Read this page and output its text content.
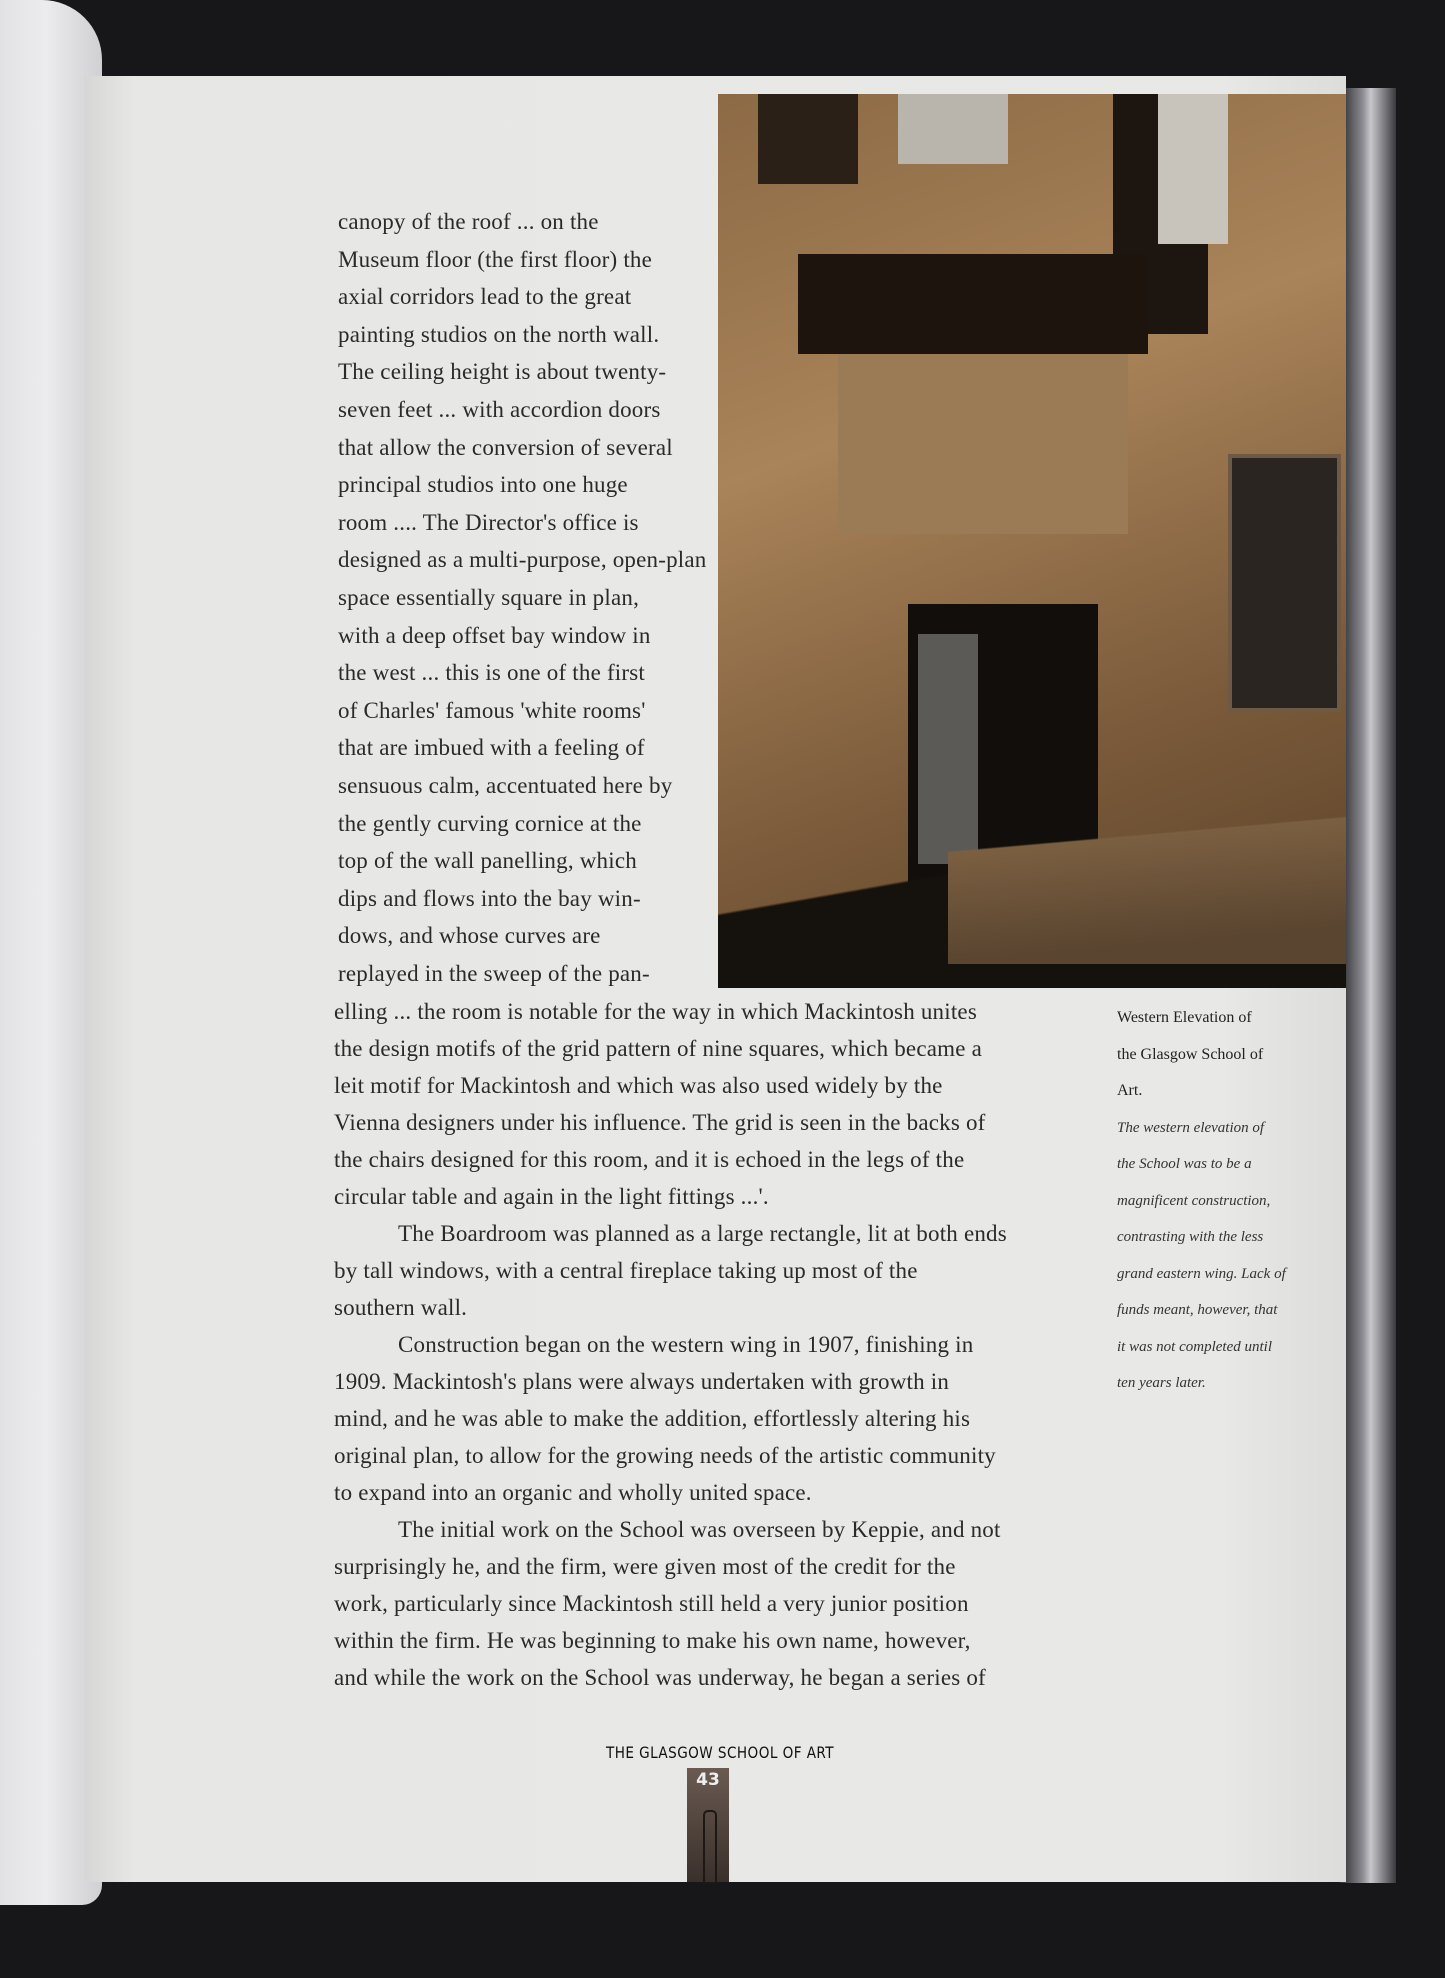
canopy of the roof ... on the
Museum floor (the first floor) the
axial corridors lead to the great
painting studios on the north wall.
The ceiling height is about twenty-
seven feet ... with accordion doors
that allow the conversion of several
principal studios into one huge
room .... The Director's office is
designed as a multi-purpose, open-plan
space essentially square in plan,
with a deep offset bay window in
the west ... this is one of the first
of Charles' famous 'white rooms'
that are imbued with a feeling of
sensuous calm, accentuated here by
the gently curving cornice at the
top of the wall panelling, which
dips and flows into the bay win-
dows, and whose curves are
replayed in the sweep of the pan-
elling ... the room is notable for the way in which Mackintosh unites
the design motifs of the grid pattern of nine squares, which became a
leit motif for Mackintosh and which was also used widely by the
Vienna designers under his influence. The grid is seen in the backs of
the chairs designed for this room, and it is echoed in the legs of the
circular table and again in the light fittings ...'.
The Boardroom was planned as a large rectangle, lit at both ends
by tall windows, with a central fireplace taking up most of the
southern wall.
Construction began on the western wing in 1907, finishing in
1909. Mackintosh's plans were always undertaken with growth in
mind, and he was able to make the addition, effortlessly altering his
original plan, to allow for the growing needs of the artistic community
to expand into an organic and wholly united space.
The initial work on the School was overseen by Keppie, and not
surprisingly he, and the firm, were given most of the credit for the
work, particularly since Mackintosh still held a very junior position
within the firm. He was beginning to make his own name, however,
and while the work on the School was underway, he began a series of
Western Elevation of
the Glasgow School of
Art.
The western elevation of
the School was to be a
magnificent construction,
contrasting with the less
grand eastern wing. Lack of
funds meant, however, that
it was not completed until
ten years later.
THE GLASGOW SCHOOL OF ART
43
